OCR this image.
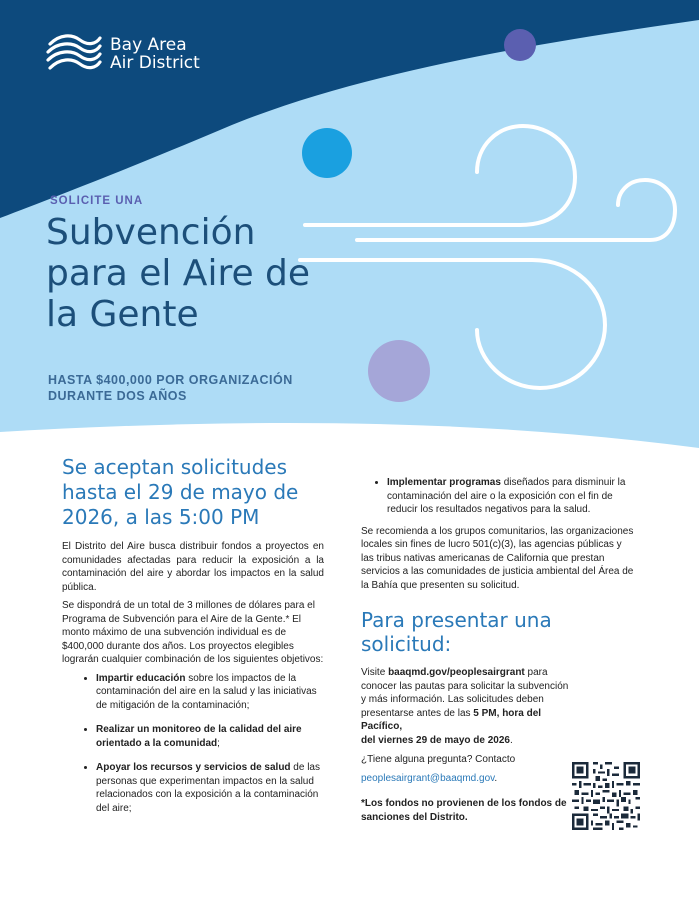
Bay Area
Air District
SOLICITE UNA
Subvención para el Aire de la Gente
HASTA $400,000 POR ORGANIZACIÓN
DURANTE DOS AÑOS
Se aceptan solicitudes hasta el 29 de mayo de 2026, a las 5:00 PM

El Distrito del Aire busca distribuir fondos a proyectos en comunidades afectadas para reducir la exposición a la contaminación del aire y abordar los impactos en la salud pública.

Se dispondrá de un total de 3 millones de dólares para el Programa de Subvención para el Aire de la Gente.* El monto máximo de una subvención individual es de $400,000 durante dos años. Los proyectos elegibles lograrán cualquier combinación de los siguientes objetivos:

• Impartir educación sobre los impactos de la contaminación del aire en la salud y las iniciativas de mitigación de la contaminación;
• Realizar un monitoreo de la calidad del aire orientado a la comunidad;
• Apoyar los recursos y servicios de salud de las personas que experimentan impactos en la salud relacionados con la exposición a la contaminación del aire;
• Implementar programas diseñados para disminuir la contaminación del aire o la exposición con el fin de reducir los resultados negativos para la salud.

Se recomienda a los grupos comunitarios, las organizaciones locales sin fines de lucro 501(c)(3), las agencias públicas y las tribus nativas americanas de California que prestan servicios a las comunidades de justicia ambiental del Área de la Bahía que presenten su solicitud.

Para presentar una solicitud:

Visite baaqmd.gov/peoplesairgrant para conocer las pautas para solicitar la subvención y más información. Las solicitudes deben presentarse antes de las 5 PM, hora del Pacífico,
del viernes 29 de mayo de 2026.

¿Tiene alguna pregunta? Contacto

peoplesairgrant@baaqmd.gov.

*Los fondos no provienen de los fondos de sanciones del Distrito.
